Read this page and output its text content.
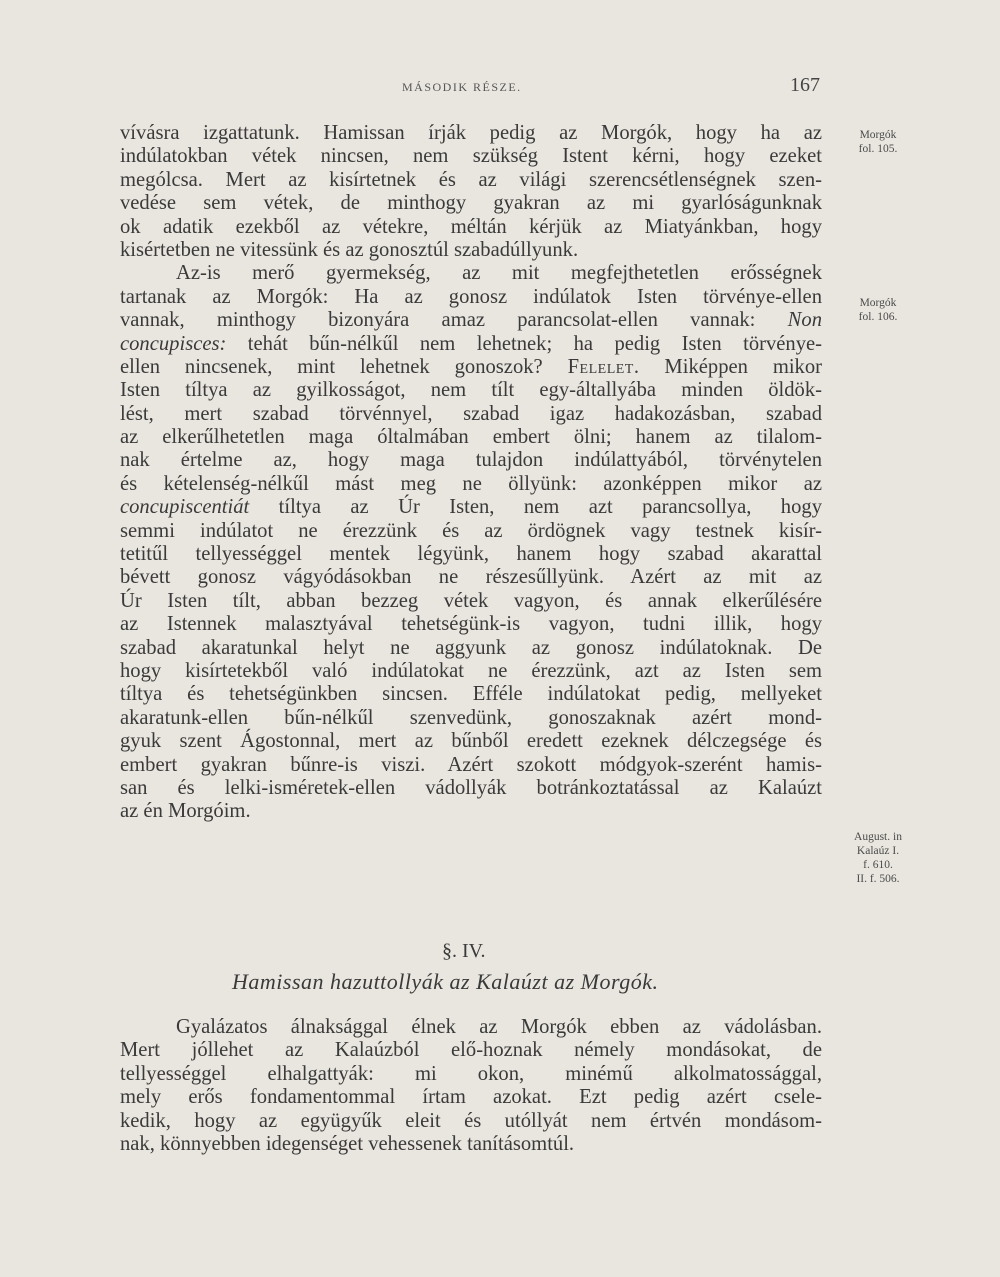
MÁSODIK RÉSZE.	167
vívásra izgattatunk. Hamissan írják pedig az Morgók, hogy ha az
indúlatokban vétek nincsen, nem szükség Istent kérni, hogy ezeket
mególcsa. Mert az kisírtetnek és az világi szerencsétlenségnek szen-
vedése sem vétek, de minthogy gyakran az mi gyarlóságunknak
ok adatik ezekből az vétekre, méltán kérjük az Miatyánkban, hogy
kisértetben ne vitessünk és az gonosztúl szabadúllyunk.
Az-is merő gyermekség, az mit megfejthetetlen erősségnek
tartanak az Morgók: Ha az gonosz indúlatok Isten törvénye-ellen
vannak, minthogy bizonyára amaz parancsolat-ellen vannak: Non
concupisces: tehát bűn-nélkűl nem lehetnek; ha pedig Isten törvénye-
ellen nincsenek, mint lehetnek gonoszok? Felelet. Miképpen mikor
Isten tíltya az gyilkosságot, nem tílt egy-általlyába minden öldök-
lést, mert szabad törvénnyel, szabad igaz hadakozásban, szabad
az elkerűlhetetlen maga óltalmában embert ölni; hanem az tilalom-
nak értelme az, hogy maga tulajdon indúlattyából, törvénytelen
és kételenség-nélkűl mást meg ne öllyünk: azonképpen mikor az
concupiscentiát tíltya az Úr Isten, nem azt parancsollya, hogy
semmi indúlatot ne érezzünk és az ördögnek vagy testnek kisír-
tetitűl tellyességgel mentek légyünk, hanem hogy szabad akarattal
bévett gonosz vágyódásokban ne részesűllyünk. Azért az mit az
Úr Isten tílt, abban bezzeg vétek vagyon, és annak elkerűlésére
az Istennek malasztyával tehetségünk-is vagyon, tudni illik, hogy
szabad akaratunkal helyt ne aggyunk az gonosz indúlatoknak. De
hogy kisírtetekből való indúlatokat ne érezzünk, azt az Isten sem
tíltya és tehetségünkben sincsen. Efféle indúlatokat pedig, mellyeket
akaratunk-ellen bűn-nélkűl szenvedünk, gonoszaknak azért mond-
gyuk szent Ágostonnal, mert az bűnből eredett ezeknek délczegsége és
embert gyakran bűnre-is viszi. Azért szokott módgyok-szerént hamis-
san és lelki-isméretek-ellen vádollyák botránkoztatással az Kalaúzt
az én Morgóim.
§. IV.
Hamissan hazuttollyák az Kalaúzt az Morgók.
Gyalázatos álnaksággal élnek az Morgók ebben az vádolásban.
Mert jóllehet az Kalaúzból elő-hoznak némely mondásokat, de
tellyességgel elhalgattyák: mi okon, minémű alkolmatossággal,
mely erős fondamentommal írtam azokat. Ezt pedig azért csele-
kedik, hogy az együgyűk eleit és utóllyát nem értvén mondásom-
nak, könnyebben idegenséget vehessenek tanításomtúl.
Morgók
fol. 105.
Morgók
fol. 106.
August. in
Kalaúz I.
f. 610.
II. f. 506.
